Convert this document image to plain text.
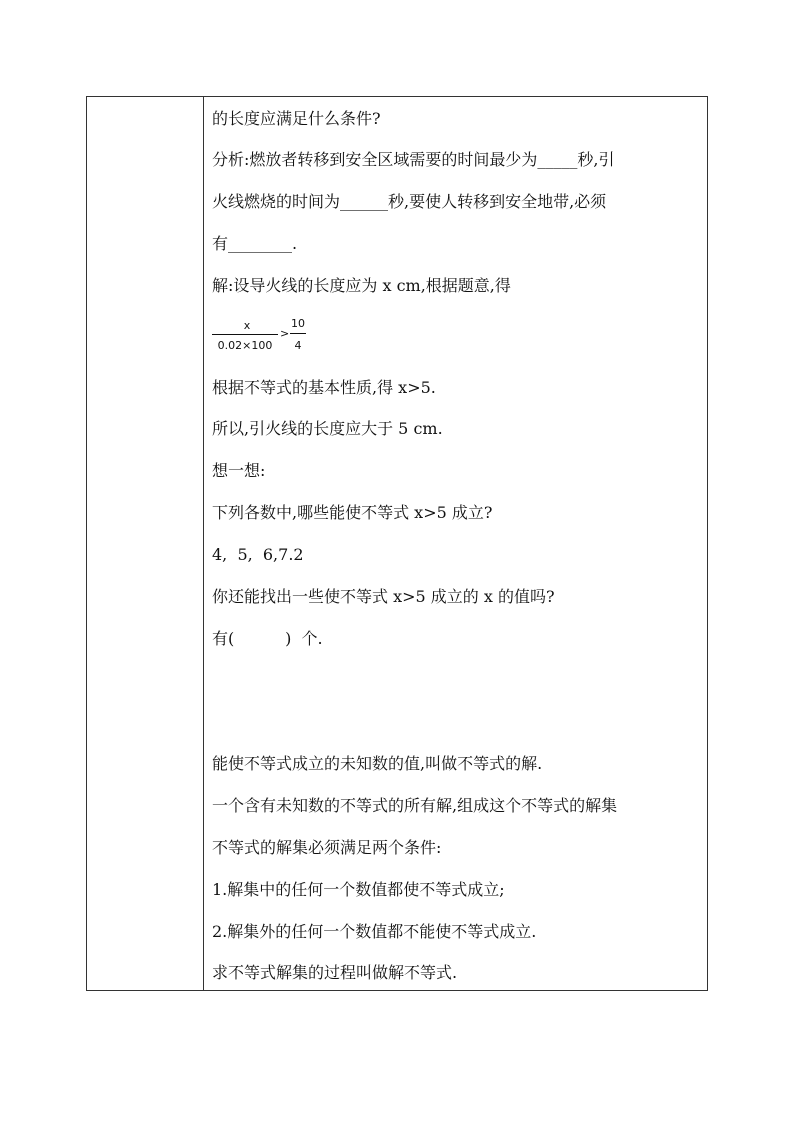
的长度应满足什么条件?
分析:燃放者转移到安全区域需要的时间最少为_____秒,引
火线燃烧的时间为______秒,要使人转移到安全地带,必须
有________.
解:设导火线的长度应为 x cm,根据题意,得
x
0.02×100
>
10
4
根据不等式的基本性质,得 x>5.
所以,引火线的长度应大于 5 cm.
想一想:
下列各数中,哪些能使不等式 x>5 成立?
4,  5,  6,7.2
你还能找出一些使不等式 x>5 成立的 x 的值吗?
有(          )  个.
能使不等式成立的未知数的值,叫做不等式的解.
一个含有未知数的不等式的所有解,组成这个不等式的解集
不等式的解集必须满足两个条件:
1.解集中的任何一个数值都使不等式成立;
2.解集外的任何一个数值都不能使不等式成立.
求不等式解集的过程叫做解不等式.
